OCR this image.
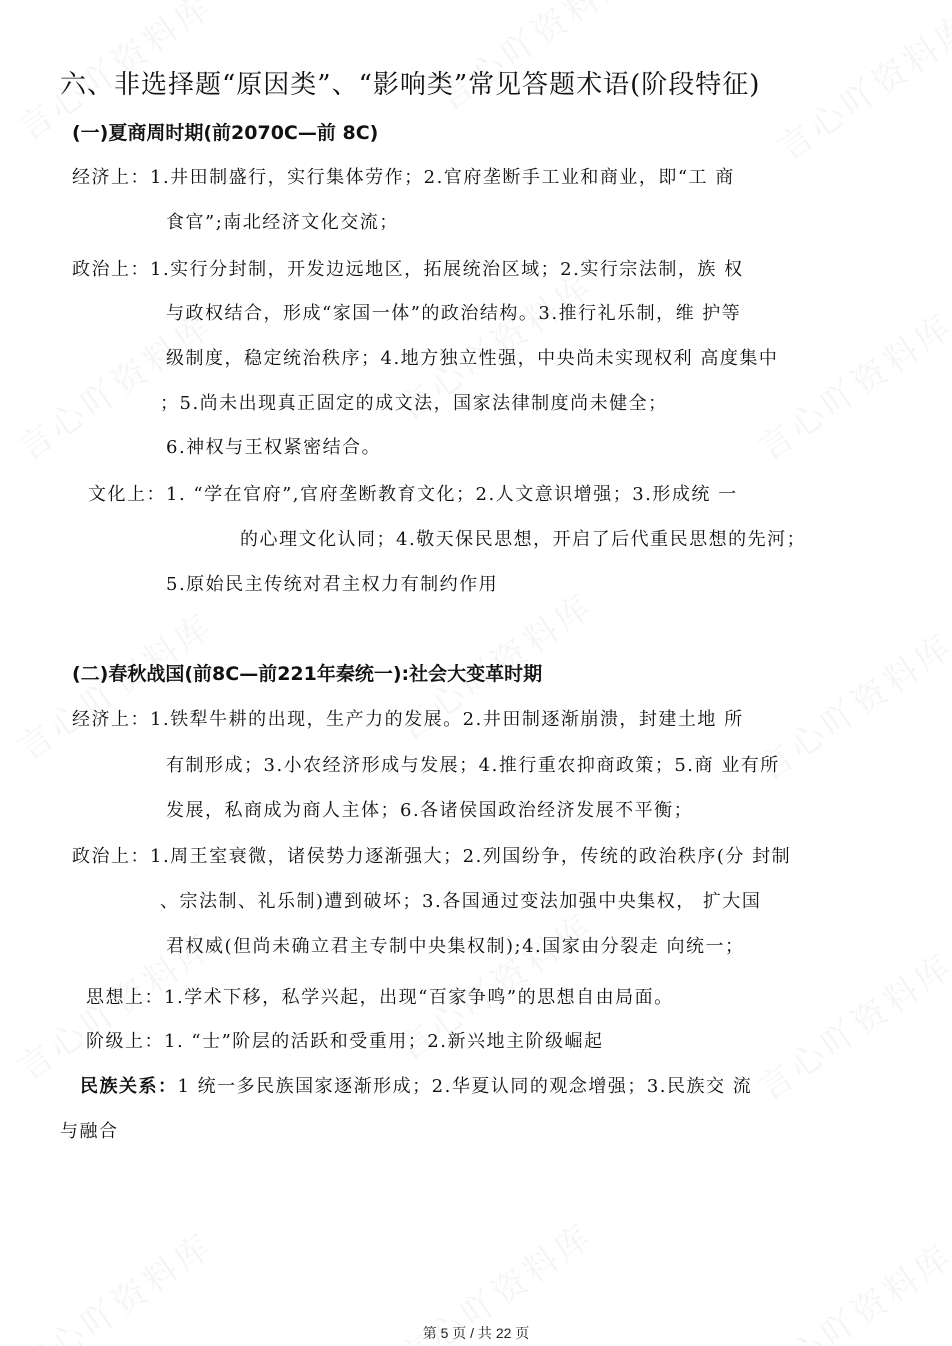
六、非选择题“原因类”、“影响类”常见答题术语(阶段特征)
(一)夏商周时期(前2070C—前 8C)
经济上：1.井田制盛行，实行集体劳作；2.官府垄断手工业和商业，即“工 商
食官”;南北经济文化交流；
政治上：1.实行分封制，开发边远地区，拓展统治区域；2.实行宗法制，族 权
与政权结合，形成“家国一体”的政治结构。3.推行礼乐制，维 护等
级制度，稳定统治秩序；4.地方独立性强，中央尚未实现权利 高度集中
；5.尚未出现真正固定的成文法，国家法律制度尚未健全；
6.神权与王权紧密结合。
文化上：1. “学在官府”,官府垄断教育文化；2.人文意识增强；3.形成统 一
的心理文化认同；4.敬天保民思想，开启了后代重民思想的先河；
5.原始民主传统对君主权力有制约作用
(二)春秋战国(前8C—前221年秦统一):社会大变革时期
经济上：1.铁犁牛耕的出现，生产力的发展。2.井田制逐渐崩溃，封建土地 所
有制形成；3.小农经济形成与发展；4.推行重农抑商政策；5.商 业有所
发展，私商成为商人主体；6.各诸侯国政治经济发展不平衡；
政治上：1.周王室衰微，诸侯势力逐渐强大；2.列国纷争，传统的政治秩序(分 封制
、宗法制、礼乐制)遭到破坏；3.各国通过变法加强中央集权， 扩大国
君权威(但尚未确立君主专制中央集权制);4.国家由分裂走 向统一；
思想上：1.学术下移，私学兴起，出现“百家争鸣”的思想自由局面。
阶级上：1. “士”阶层的活跃和受重用；2.新兴地主阶级崛起
民族关系：1 统一多民族国家逐渐形成；2.华夏认同的观念增强；3.民族交 流
与融合
第 5 页 / 共 22 页
